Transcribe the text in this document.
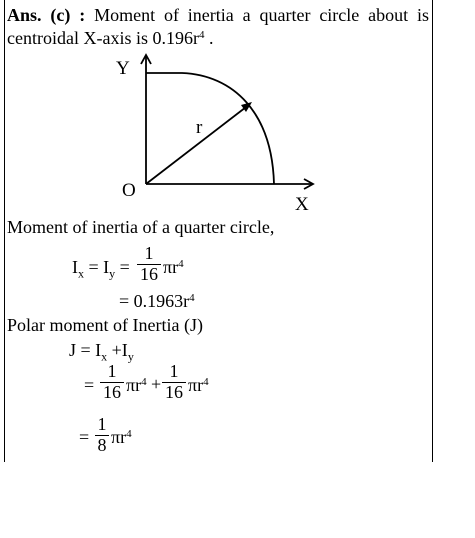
Ans. (c) : Moment of inertia a quarter circle about is centroidal X-axis is $0.196r^4$ .
Y
X
O
r
Moment of inertia of a quarter circle,
$I_x = I_y$ =
1
16 $\pi r^4$
= $0.1963r^4$
Polar moment of Inertia (J)
$J = I_x +I_y$
=
1
16 $\pi r^4$ +
1
16 $\pi r^4$
=
1
8 $\pi r^4$
